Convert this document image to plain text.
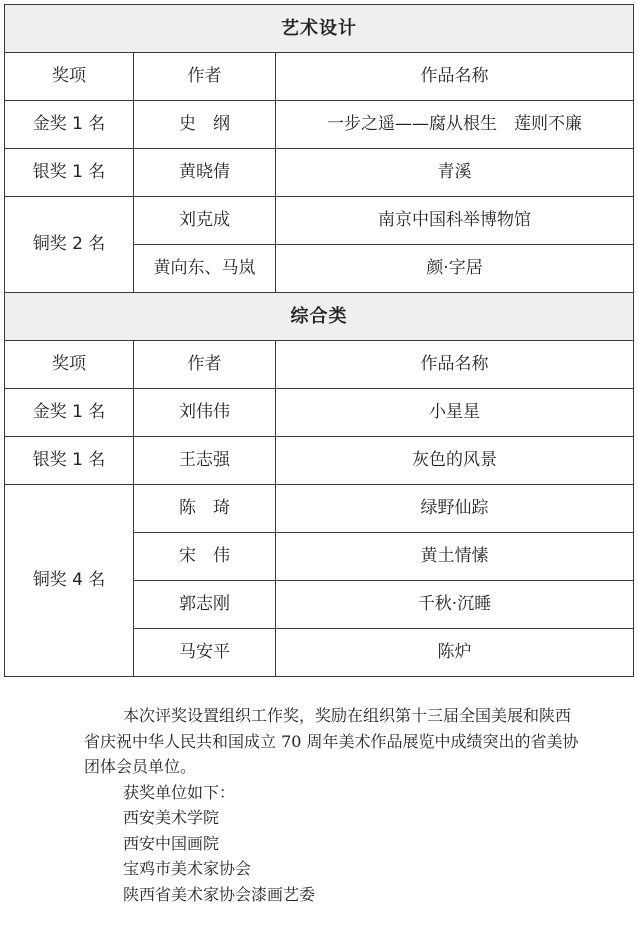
艺术设计		
奖项	作者	作品名称
金奖 1 名	史　纲	一步之遥——腐从根生　莲则不廉
银奖 1 名	黄晓倩	青溪
铜奖 2 名	刘克成	南京中国科举博物馆
	黄向东、马岚	颜·字居
综合类		
奖项	作者	作品名称
金奖 1 名	刘伟伟	小星星
银奖 1 名	王志强	灰色的风景
铜奖 4 名	陈　琦	绿野仙踪
	宋　伟	黄土情愫
	郭志刚	千秋·沉睡
	马安平	陈炉

本次评奖设置组织工作奖，奖励在组织第十三届全国美展和陕西省庆祝中华人民共和国成立 70 周年美术作品展览中成绩突出的省美协团体会员单位。

获奖单位如下：

西安美术学院

西安中国画院

宝鸡市美术家协会

陕西省美术家协会漆画艺委
